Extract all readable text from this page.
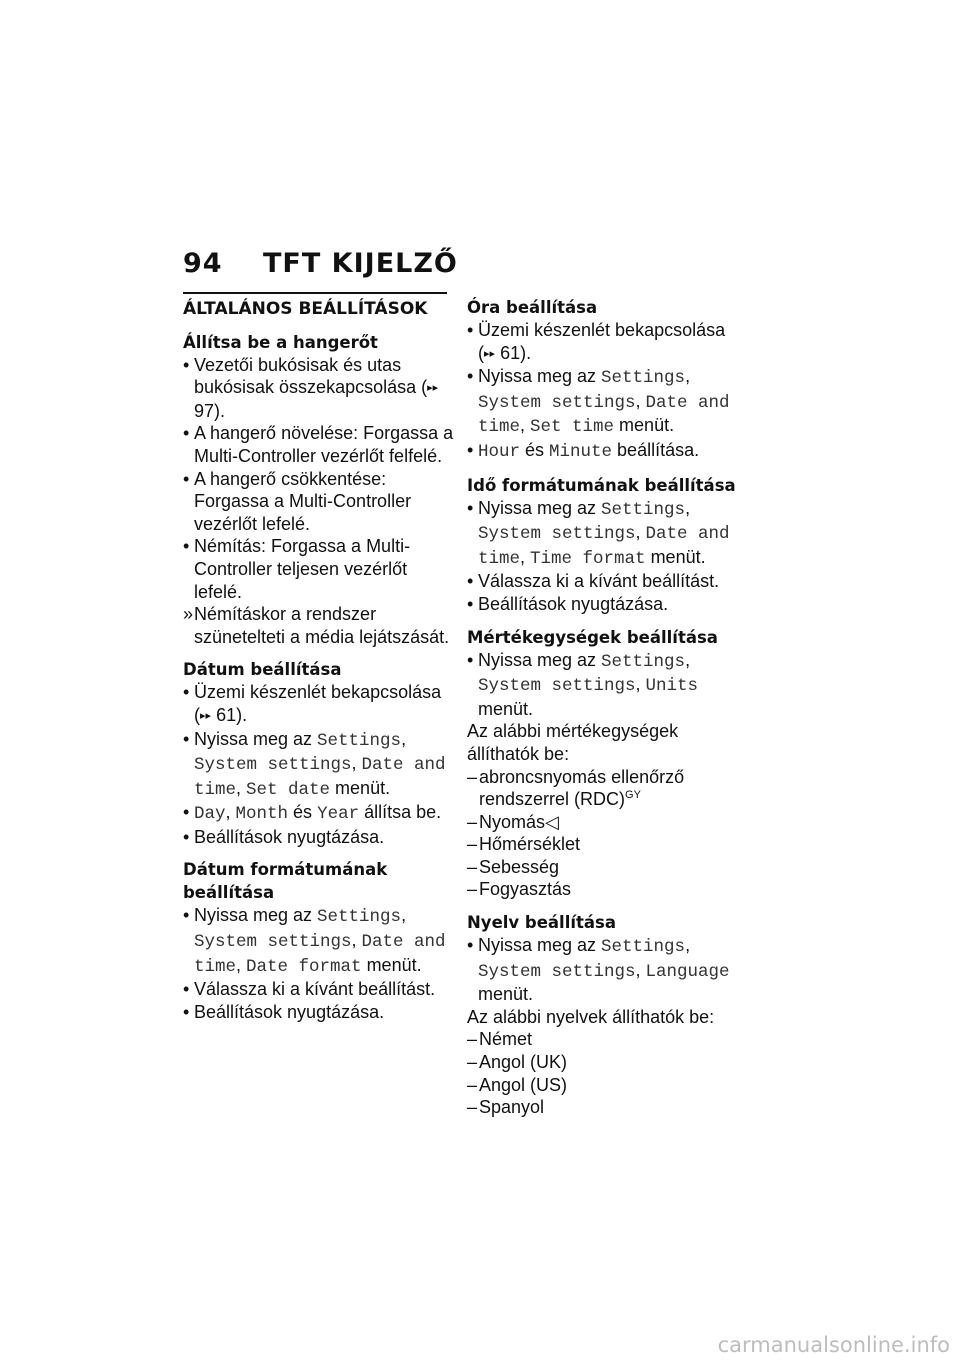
94 TFT KIJELZŐ
ÁLTALÁNOS BEÁLLÍTÁSOK
Állítsa be a hangerőt
• Vezetői bukósisak és utas bukósisak összekapcsolása (▸▸ 97).
• A hangerő növelése: Forgassa a Multi-Controller vezérlőt felfelé.
• A hangerő csökkentése: Forgassa a Multi-Controller vezérlőt lefelé.
• Némítás: Forgassa a Multi-Controller teljesen vezérlőt lefelé.
» Némításkor a rendszer szünetelteti a média lejátszását.
Dátum beállítása
• Üzemi készenlét bekapcsolása (▸▸ 61).
• Nyissa meg az Settings, System settings, Date and time, Set date menüt.
• Day, Month és Year állítsa be.
• Beállítások nyugtázása.
Dátum formátumának beállítása
• Nyissa meg az Settings, System settings, Date and time, Date format menüt.
• Válassza ki a kívánt beállítást.
• Beállítások nyugtázása.
Óra beállítása
• Üzemi készenlét bekapcsolása (▸▸ 61).
• Nyissa meg az Settings, System settings, Date and time, Set time menüt.
• Hour és Minute beállítása.
Idő formátumának beállítása
• Nyissa meg az Settings, System settings, Date and time, Time format menüt.
• Válassza ki a kívánt beállítást.
• Beállítások nyugtázása.
Mértékegységek beállítása
• Nyissa meg az Settings, System settings, Units menüt.

Az alábbi mértékegységek állíthatók be:

– abroncsnyomás ellenőrző rendszerrel (RDC)$^{GY}$
– Nyomás◁
– Hőmérséklet
– Sebesség
– Fogyasztás
Nyelv beállítása
• Nyissa meg az Settings, System settings, Language menüt.

Az alábbi nyelvek állíthatók be:

– Német
– Angol (UK)
– Angol (US)
– Spanyol
carmanualsonline.info
